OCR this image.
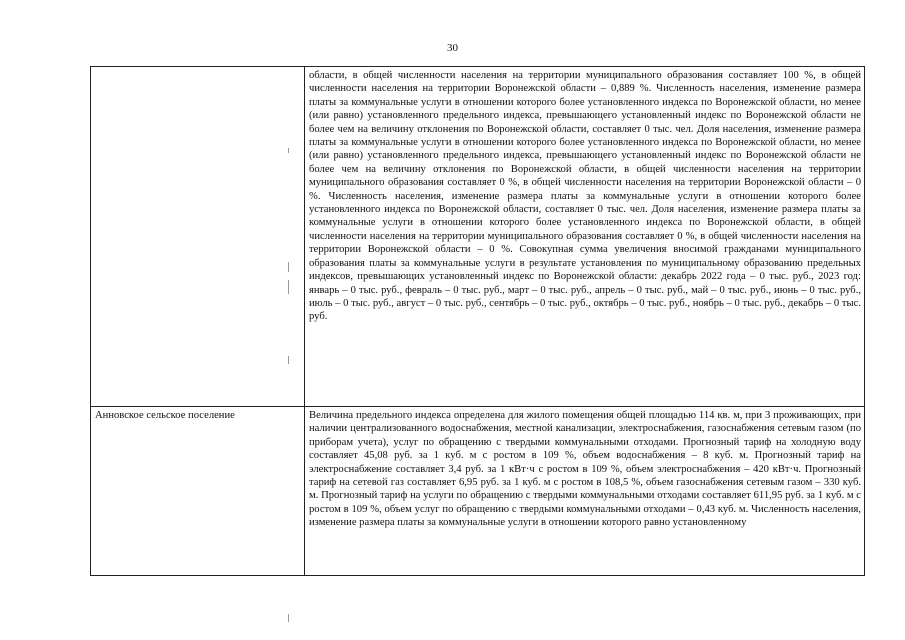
30
	области, в общей численности населения на территории муниципального образования составляет 100 %, в общей численности населения на территории Воронежской области – 0,889 %. Численность населения, изменение размера платы за коммунальные услуги в отношении которого более установленного индекса по Воронежской области, но менее (или равно) установленного предельного индекса, превышающего установленный индекс по Воронежской области не более чем на величину отклонения по Воронежской области, составляет 0 тыс. чел. Доля населения, изменение размера платы за коммунальные услуги в отношении которого более установленного индекса по Воронежской области, но менее (или равно) установленного предельного индекса, превышающего установленный индекс по Воронежской области не более чем на величину отклонения по Воронежской области, в общей численности населения на территории муниципального образования составляет 0 %, в общей численности населения на территории Воронежской области – 0 %. Численность населения, изменение размера платы за коммунальные услуги в отношении которого более установленного индекса по Воронежской области, составляет 0 тыс. чел. Доля населения, изменение размера платы за коммунальные услуги в отношении которого более установленного индекса по Воронежской области, в общей численности населения на территории муниципального образования составляет 0 %, в общей численности населения на территории Воронежской области – 0 %. Совокупная сумма увеличения вносимой гражданами муниципального образования платы за коммунальные услуги в результате установления по муниципальному образованию предельных индексов, превышающих установленный индекс по Воронежской области: декабрь 2022 года – 0 тыс. руб., 2023 год: январь – 0 тыс. руб., февраль – 0 тыс. руб., март – 0 тыс. руб., апрель – 0 тыс. руб., май – 0 тыс. руб., июнь – 0 тыс. руб., июль – 0 тыс. руб., август – 0 тыс. руб., сентябрь – 0 тыс. руб., октябрь – 0 тыс. руб., ноябрь – 0 тыс. руб., декабрь – 0 тыс. руб.
Анновское сельское поселение	Величина предельного индекса определена для жилого помещения общей площадью 114 кв. м, при 3 проживающих, при наличии централизованного водоснабжения, местной канализации, электроснабжения, газоснабжения сетевым газом (по приборам учета), услуг по обращению с твердыми коммунальными отходами. Прогнозный тариф на холодную воду составляет 45,08 руб. за 1 куб. м с ростом в 109 %, объем водоснабжения – 8 куб. м. Прогнозный тариф на электроснабжение составляет 3,4 руб. за 1 кВт·ч с ростом в 109 %, объем электроснабжения – 420 кВт·ч. Прогнозный тариф на сетевой газ составляет 6,95 руб. за 1 куб. м с ростом в 108,5 %, объем газоснабжения сетевым газом – 330 куб. м. Прогнозный тариф на услуги по обращению с твердыми коммунальными отходами составляет 611,95 руб. за 1 куб. м с ростом в 109 %, объем услуг по обращению с твердыми коммунальными отходами – 0,43 куб. м. Численность населения, изменение размера платы за коммунальные услуги в отношении которого равно установленному
